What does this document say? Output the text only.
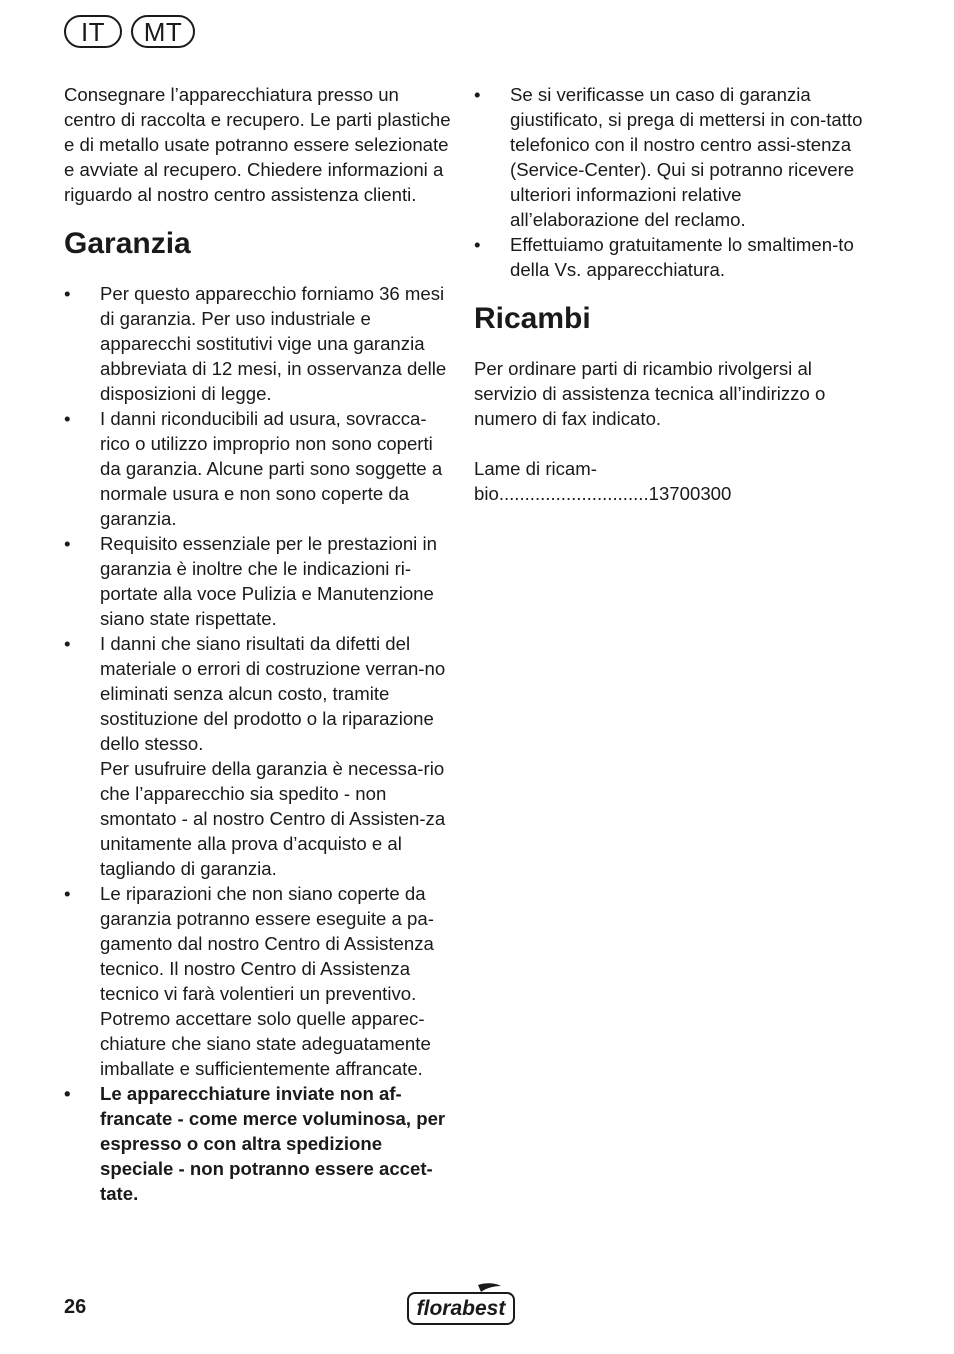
IT	MT

Consegnare l’apparecchiatura presso un centro di raccolta e recupero. Le parti plastiche e di metallo usate potranno essere selezionate e avviate al recupero. Chiedere informazioni a riguardo al nostro centro assistenza clienti.

Garanzia
• Per questo apparecchio forniamo 36 mesi di garanzia. Per uso industriale e apparecchi sostitutivi vige una garanzia abbreviata di 12 mesi, in osservanza delle disposizioni di legge.
• I danni riconducibili ad usura, sovracca-rico o utilizzo improprio non sono coperti da garanzia. Alcune parti sono soggette a normale usura e non sono coperte da garanzia.
• Requisito essenziale per le prestazioni in garanzia è inoltre che le indicazioni ri-portate alla voce Pulizia e Manutenzione siano state rispettate.
• I danni che siano risultati da difetti del materiale o errori di costruzione verran-no eliminati senza alcun costo, tramite sostituzione del prodotto o la riparazione dello stesso.

Per usufruire della garanzia è necessa-rio che l’apparecchio sia spedito - non smontato - al nostro Centro di Assisten-za unitamente alla prova d’acquisto e al tagliando di garanzia.

• Le riparazioni che non siano coperte da garanzia potranno essere eseguite a pa-gamento dal nostro Centro di Assistenza tecnico. Il nostro Centro di Assistenza tecnico vi farà volentieri un preventivo. Potremo accettare solo quelle apparec-chiature che siano state adeguatamente imballate e sufficientemente affrancate.
• Le apparecchiature inviate non af-francate - come merce voluminosa, per espresso o con altra spedizione speciale - non potranno essere accet-tate.
• Se si verificasse un caso di garanzia giustificato, si prega di mettersi in con-tatto telefonico con il nostro centro assi-stenza (Service-Center). Qui si potranno ricevere ulteriori informazioni relative all’elaborazione del reclamo.
• Effettuiamo gratuitamente lo smaltimen-to della Vs. apparecchiatura.
Ricambi

Per ordinare parti di ricambio rivolgersi al servizio di assistenza tecnica all’indirizzo o numero di fax indicato.

Lame di ricam-
bio.............................13700300
26	florabest
